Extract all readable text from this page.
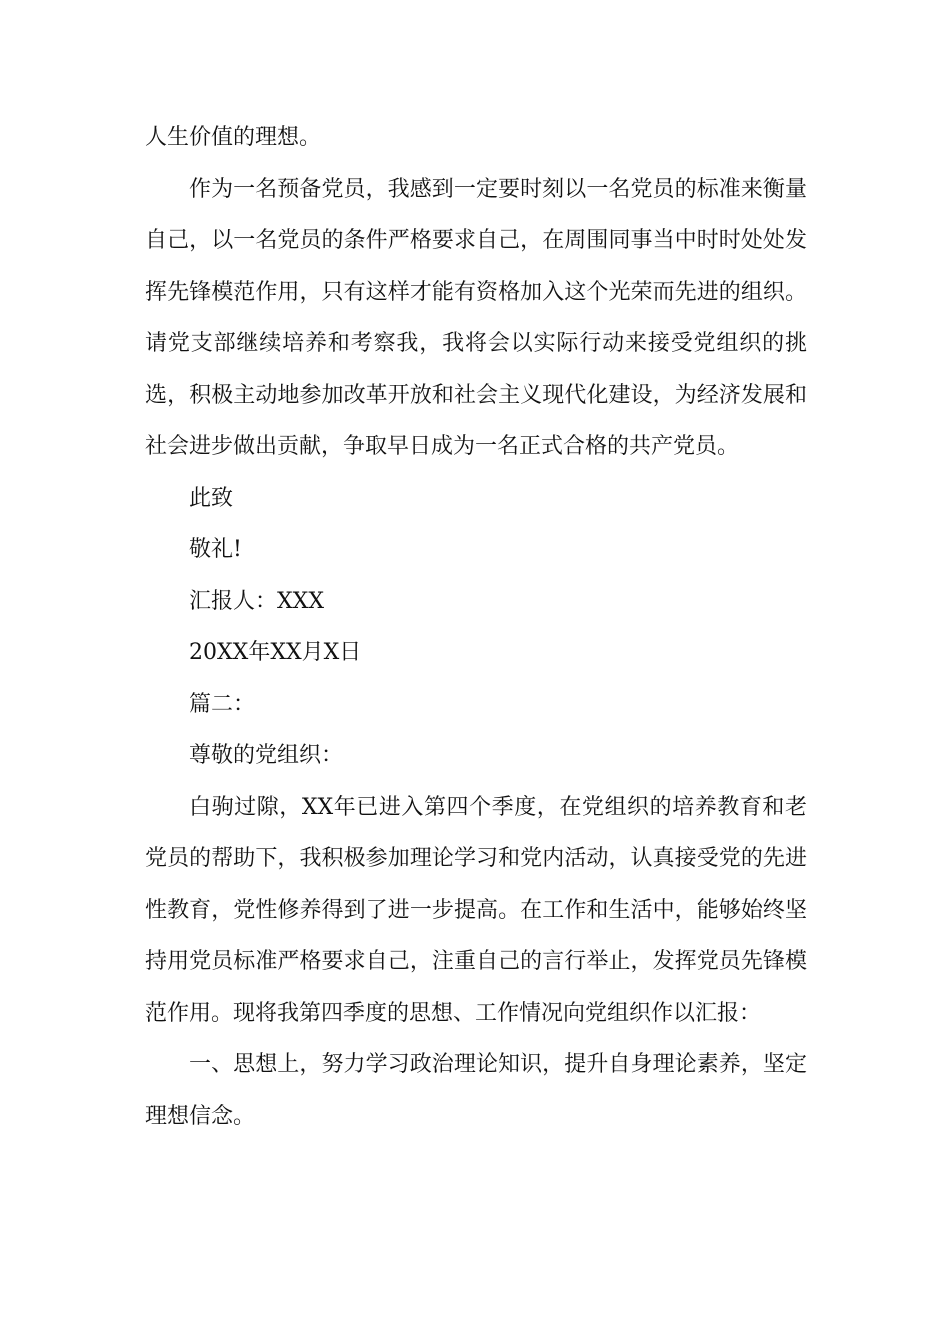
人生价值的理想。

作为一名预备党员，我感到一定要时刻以一名党员的标准来衡量自己，以一名党员的条件严格要求自己，在周围同事当中时时处处发挥先锋模范作用，只有这样才能有资格加入这个光荣而先进的组织。请党支部继续培养和考察我，我将会以实际行动来接受党组织的挑选，积极主动地参加改革开放和社会主义现代化建设，为经济发展和社会进步做出贡献，争取早日成为一名正式合格的共产党员。

此致

敬礼!

汇报人：XXX

20XX年XX月X日

篇二：

尊敬的党组织：

白驹过隙，XX年已进入第四个季度，在党组织的培养教育和老党员的帮助下，我积极参加理论学习和党内活动，认真接受党的先进性教育，党性修养得到了进一步提高。在工作和生活中，能够始终坚持用党员标准严格要求自己，注重自己的言行举止，发挥党员先锋模范作用。现将我第四季度的思想、工作情况向党组织作以汇报：

一、思想上，努力学习政治理论知识，提升自身理论素养，坚定理想信念。
